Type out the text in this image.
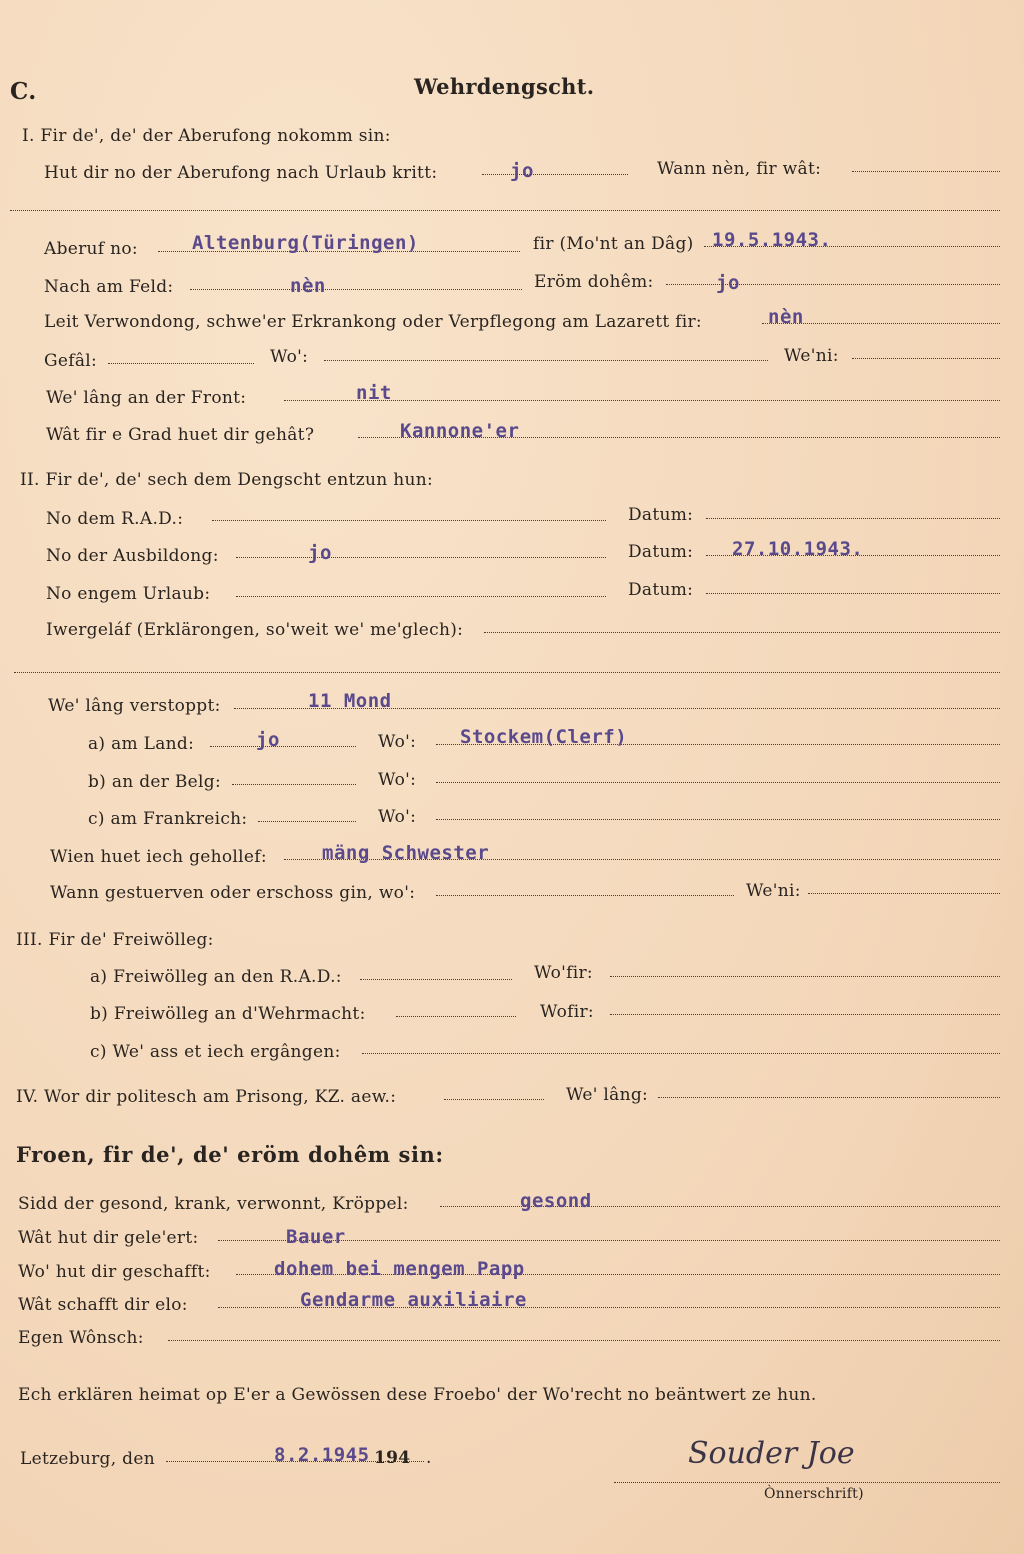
C.	Wehrdengscht.
I. Fir de', de' der Aberufong nokomm sin:
Hut dir no der Aberufong nach Urlaub kritt:	jo	Wann nèn, fir wât:
Aberuf no:	Altenburg(Türingen)	fir (Mo'nt an Dâg) 19.5.1943.
Nach am Feld:	nèn	Eröm dohêm:	jo
Leit Verwondong, schwe'er Erkrankong oder Verpflegong am Lazarett fir:	nèn
Gefâl:	Wo':	We'ni:
We' lâng an der Front:	nit
Wât fir e Grad huet dir gehât?	Kannone'er
II. Fir de', de' sech dem Dengscht entzun hun:
No dem R.A.D.:	Datum:
No der Ausbildong:	jo	Datum: 27.10.1943.
No engem Urlaub:	Datum:
Iwergeláf (Erklärongen, so'weit we' me'glech):
We' lâng verstoppt:	11 Mond
a) am Land:	jo	Wo': Stockem(Clerf)
b) an der Belg:	Wo':
c) am Frankreich:	Wo':
Wien huet iech gehollef:	mäng Schwester
Wann gestuerven oder erschoss gin, wo':	We'ni:
III. Fir de' Freiwölleg:
a) Freiwölleg an den R.A.D.:	Wo'fir:
b) Freiwölleg an d'Wehrmacht:	Wofir:
c) We' ass et iech ergângen:
IV. Wor dir politesch am Prisong, KZ. aew.:	We' lâng:
Froen, fir de', de' eröm dohêm sin:
Sidd der gesond, krank, verwonnt, Kröppel:	gesond
Wât hut dir gele'ert:	Bauer
Wo' hut dir geschafft:	dohem bei mengem Papp
Wât schafft dir elo:	Gendarme auxiliaire
Egen Wônsch:
Ech erklären heimat op E'er a Gewössen dese Froebo' der Wo'recht no beäntwert ze hun.
Letzeburg, den	8.2.1945 194 .	Souder Joe
Ònnerschrift)
